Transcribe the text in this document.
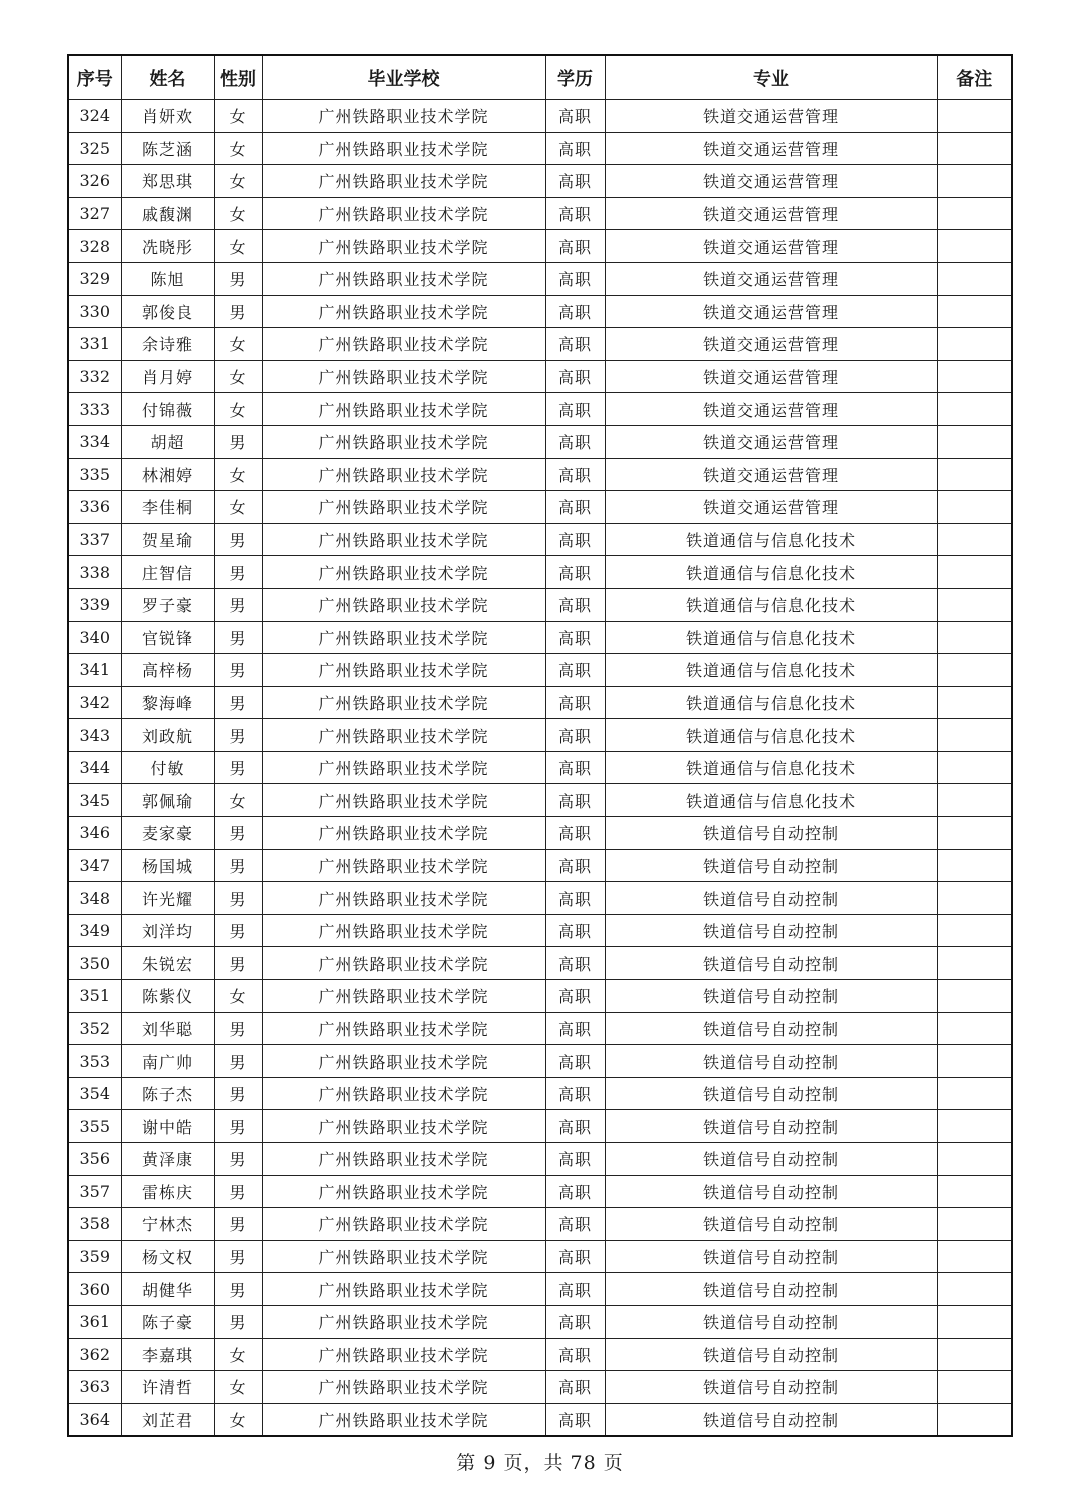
序号	姓名	性别	毕业学校	学历	专业	备注
324	肖妍欢	女	广州铁路职业技术学院	高职	铁道交通运营管理	
325	陈芝涵	女	广州铁路职业技术学院	高职	铁道交通运营管理	
326	郑思琪	女	广州铁路职业技术学院	高职	铁道交通运营管理	
327	戚馥渊	女	广州铁路职业技术学院	高职	铁道交通运营管理	
328	冼晓彤	女	广州铁路职业技术学院	高职	铁道交通运营管理	
329	陈旭	男	广州铁路职业技术学院	高职	铁道交通运营管理	
330	郭俊良	男	广州铁路职业技术学院	高职	铁道交通运营管理	
331	余诗雅	女	广州铁路职业技术学院	高职	铁道交通运营管理	
332	肖月婷	女	广州铁路职业技术学院	高职	铁道交通运营管理	
333	付锦薇	女	广州铁路职业技术学院	高职	铁道交通运营管理	
334	胡超	男	广州铁路职业技术学院	高职	铁道交通运营管理	
335	林湘婷	女	广州铁路职业技术学院	高职	铁道交通运营管理	
336	李佳桐	女	广州铁路职业技术学院	高职	铁道交通运营管理	
337	贺星瑜	男	广州铁路职业技术学院	高职	铁道通信与信息化技术	
338	庄智信	男	广州铁路职业技术学院	高职	铁道通信与信息化技术	
339	罗子豪	男	广州铁路职业技术学院	高职	铁道通信与信息化技术	
340	官锐锋	男	广州铁路职业技术学院	高职	铁道通信与信息化技术	
341	高梓杨	男	广州铁路职业技术学院	高职	铁道通信与信息化技术	
342	黎海峰	男	广州铁路职业技术学院	高职	铁道通信与信息化技术	
343	刘政航	男	广州铁路职业技术学院	高职	铁道通信与信息化技术	
344	付敏	男	广州铁路职业技术学院	高职	铁道通信与信息化技术	
345	郭佩瑜	女	广州铁路职业技术学院	高职	铁道通信与信息化技术	
346	麦家豪	男	广州铁路职业技术学院	高职	铁道信号自动控制	
347	杨国城	男	广州铁路职业技术学院	高职	铁道信号自动控制	
348	许光耀	男	广州铁路职业技术学院	高职	铁道信号自动控制	
349	刘洋均	男	广州铁路职业技术学院	高职	铁道信号自动控制	
350	朱锐宏	男	广州铁路职业技术学院	高职	铁道信号自动控制	
351	陈紫仪	女	广州铁路职业技术学院	高职	铁道信号自动控制	
352	刘华聪	男	广州铁路职业技术学院	高职	铁道信号自动控制	
353	南广帅	男	广州铁路职业技术学院	高职	铁道信号自动控制	
354	陈子杰	男	广州铁路职业技术学院	高职	铁道信号自动控制	
355	谢中皓	男	广州铁路职业技术学院	高职	铁道信号自动控制	
356	黄泽康	男	广州铁路职业技术学院	高职	铁道信号自动控制	
357	雷栋庆	男	广州铁路职业技术学院	高职	铁道信号自动控制	
358	宁林杰	男	广州铁路职业技术学院	高职	铁道信号自动控制	
359	杨文权	男	广州铁路职业技术学院	高职	铁道信号自动控制	
360	胡健华	男	广州铁路职业技术学院	高职	铁道信号自动控制	
361	陈子豪	男	广州铁路职业技术学院	高职	铁道信号自动控制	
362	李嘉琪	女	广州铁路职业技术学院	高职	铁道信号自动控制	
363	许清哲	女	广州铁路职业技术学院	高职	铁道信号自动控制	
364	刘芷君	女	广州铁路职业技术学院	高职	铁道信号自动控制	
第 9 页，共 78 页
